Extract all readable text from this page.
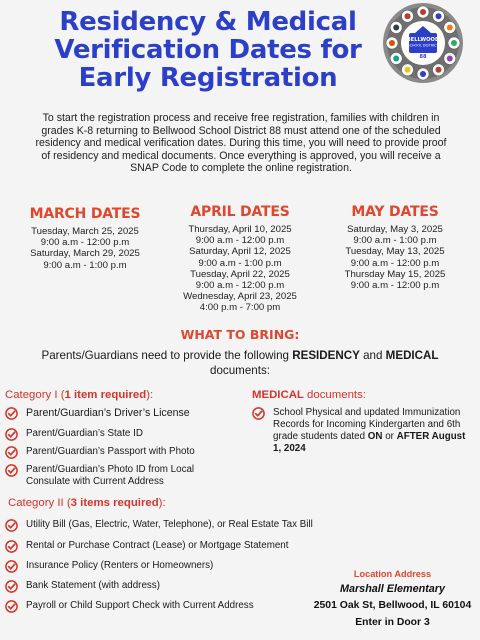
Residency & Medical Verification Dates for Early Registration
BELLWOOD
SCHOOL DISTRICT
88
To start the registration process and receive free registration, families with children in grades K-8 returning to Bellwood School District 88 must attend one of the scheduled residency and medical verification dates. During this time, you will need to provide proof of residency and medical documents. Once everything is approved, you will receive a SNAP Code to complete the online registration.
MARCH DATES
Tuesday, March 25, 2025
9:00 a.m - 12:00 p.m
Saturday, March 29, 2025
9:00 a.m - 1:00 p.m
APRIL DATES
Thursday, April 10, 2025
9:00 a.m - 12:00 p.m
Saturday, April 12, 2025
9:00 a.m - 1:00 p.m
Tuesday, April 22, 2025
9:00 a.m - 12:00 p.m
Wednesday, April 23, 2025
4:00 p.m - 7:00 pm
MAY DATES
Saturday, May 3, 2025
9:00 a.m - 1:00 p.m
Tuesday, May 13, 2025
9:00 a.m - 12:00 p.m
Thursday May 15, 2025
9:00 a.m - 12:00 p.m
WHAT TO BRING:
Parents/Guardians need to provide the following RESIDENCY and MEDICAL documents:
Category I (1 item required):
Parent/Guardian’s Driver’s License
Parent/Guardian’s State ID
Parent/Guardian’s Passport with Photo
Parent/Guardian’s Photo ID from Local Consulate with Current Address
MEDICAL documents:
School Physical and updated Immunization Records for Incoming Kindergarten and 6th grade students dated ON or AFTER August 1, 2024
Category II (3 items required):
Utility Bill (Gas, Electric, Water, Telephone), or Real Estate Tax Bill
Rental or Purchase Contract (Lease) or Mortgage Statement
Insurance Policy (Renters or Homeowners)
Bank Statement (with address)
Payroll or Child Support Check with Current Address
Location Address
Marshall Elementary
2501 Oak St, Bellwood, IL 60104
Enter in Door 3
